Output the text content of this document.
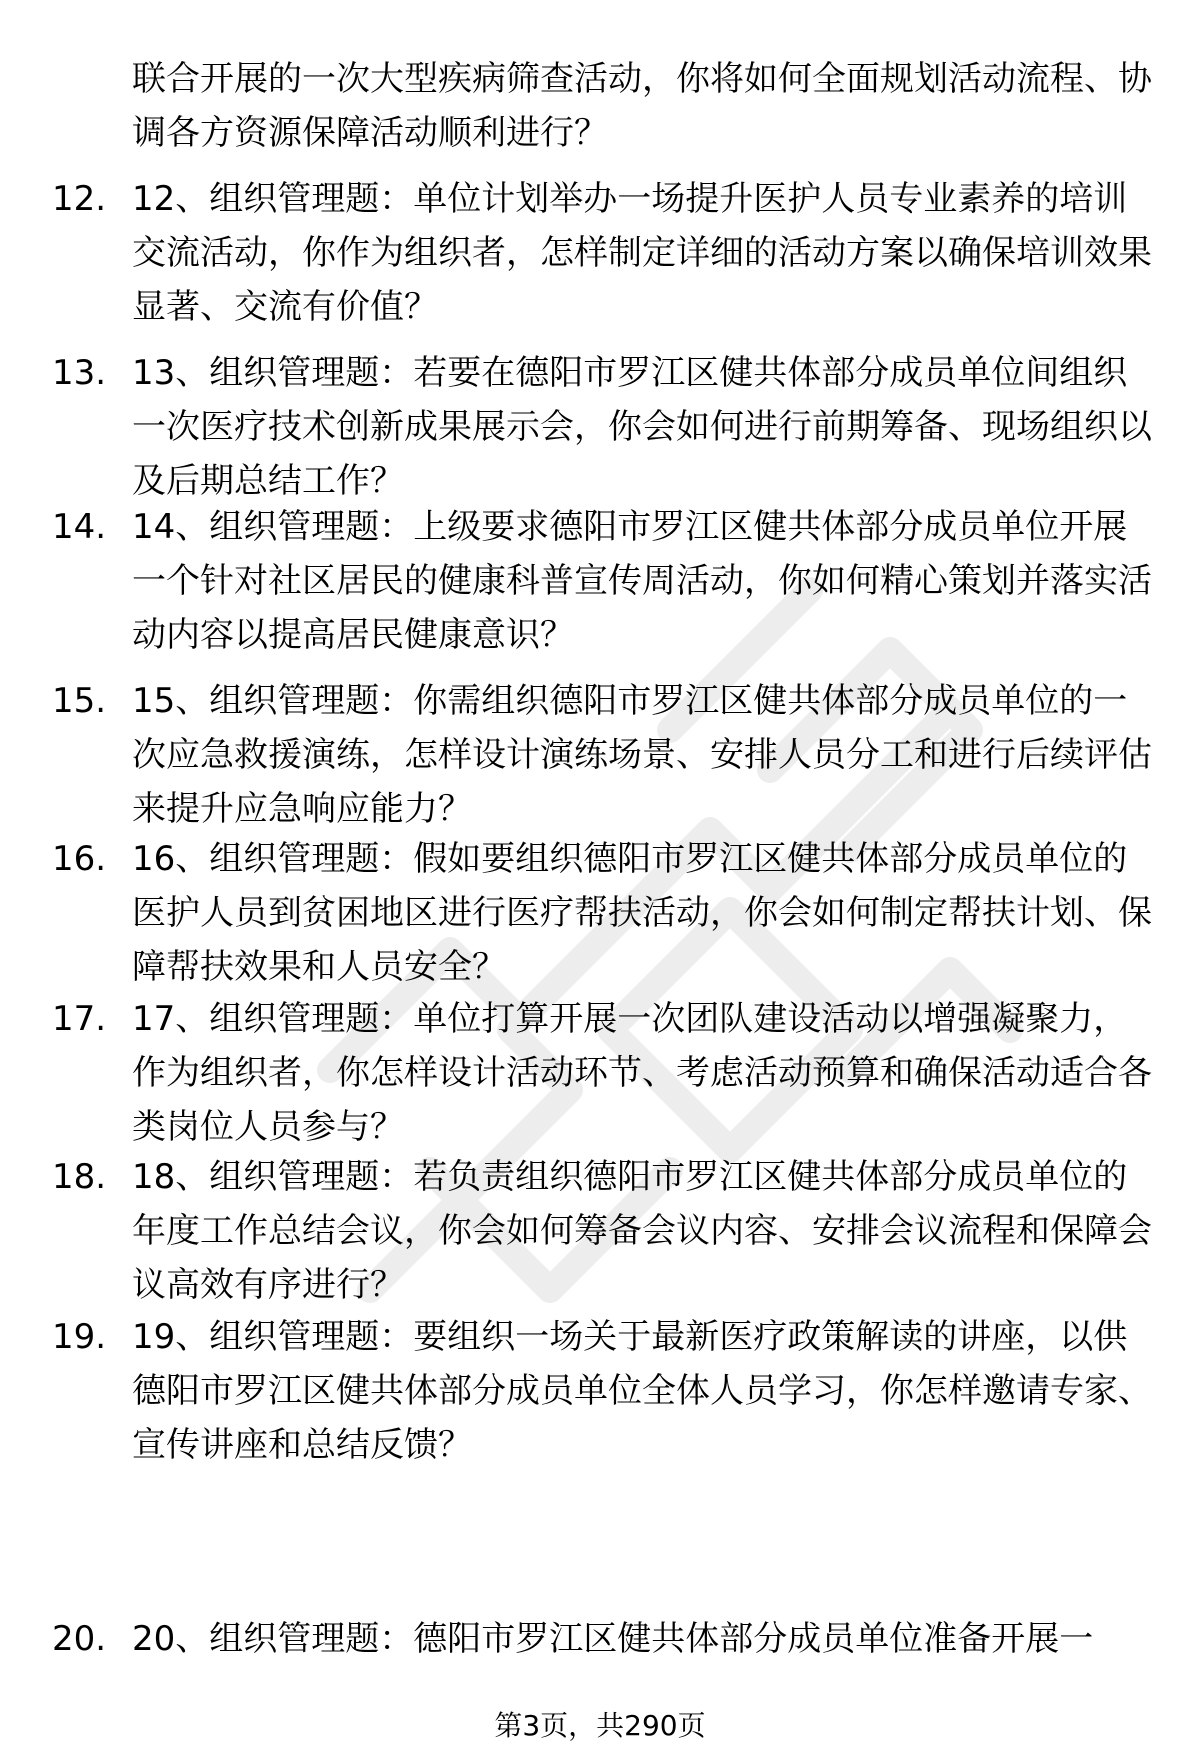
联合开展的一次大型疾病筛查活动，你将如何全面规划活动流程、协调各方资源保障活动顺利进行？
12. 12、组织管理题：单位计划举办一场提升医护人员专业素养的培训交流活动，你作为组织者，怎样制定详细的活动方案以确保培训效果显著、交流有价值？
13. 13、组织管理题：若要在德阳市罗江区健共体部分成员单位间组织一次医疗技术创新成果展示会，你会如何进行前期筹备、现场组织以及后期总结工作？
14. 14、组织管理题：上级要求德阳市罗江区健共体部分成员单位开展一个针对社区居民的健康科普宣传周活动，你如何精心策划并落实活动内容以提高居民健康意识？
15. 15、组织管理题：你需组织德阳市罗江区健共体部分成员单位的一次应急救援演练，怎样设计演练场景、安排人员分工和进行后续评估来提升应急响应能力？
16. 16、组织管理题：假如要组织德阳市罗江区健共体部分成员单位的医护人员到贫困地区进行医疗帮扶活动，你会如何制定帮扶计划、保障帮扶效果和人员安全？
17. 17、组织管理题：单位打算开展一次团队建设活动以增强凝聚力，作为组织者，你怎样设计活动环节、考虑活动预算和确保活动适合各类岗位人员参与？
18. 18、组织管理题：若负责组织德阳市罗江区健共体部分成员单位的年度工作总结会议，你会如何筹备会议内容、安排会议流程和保障会议高效有序进行？
19. 19、组织管理题：要组织一场关于最新医疗政策解读的讲座，以供德阳市罗江区健共体部分成员单位全体人员学习，你怎样邀请专家、宣传讲座和总结反馈？
20. 20、组织管理题：德阳市罗江区健共体部分成员单位准备开展一
第3页，共290页
